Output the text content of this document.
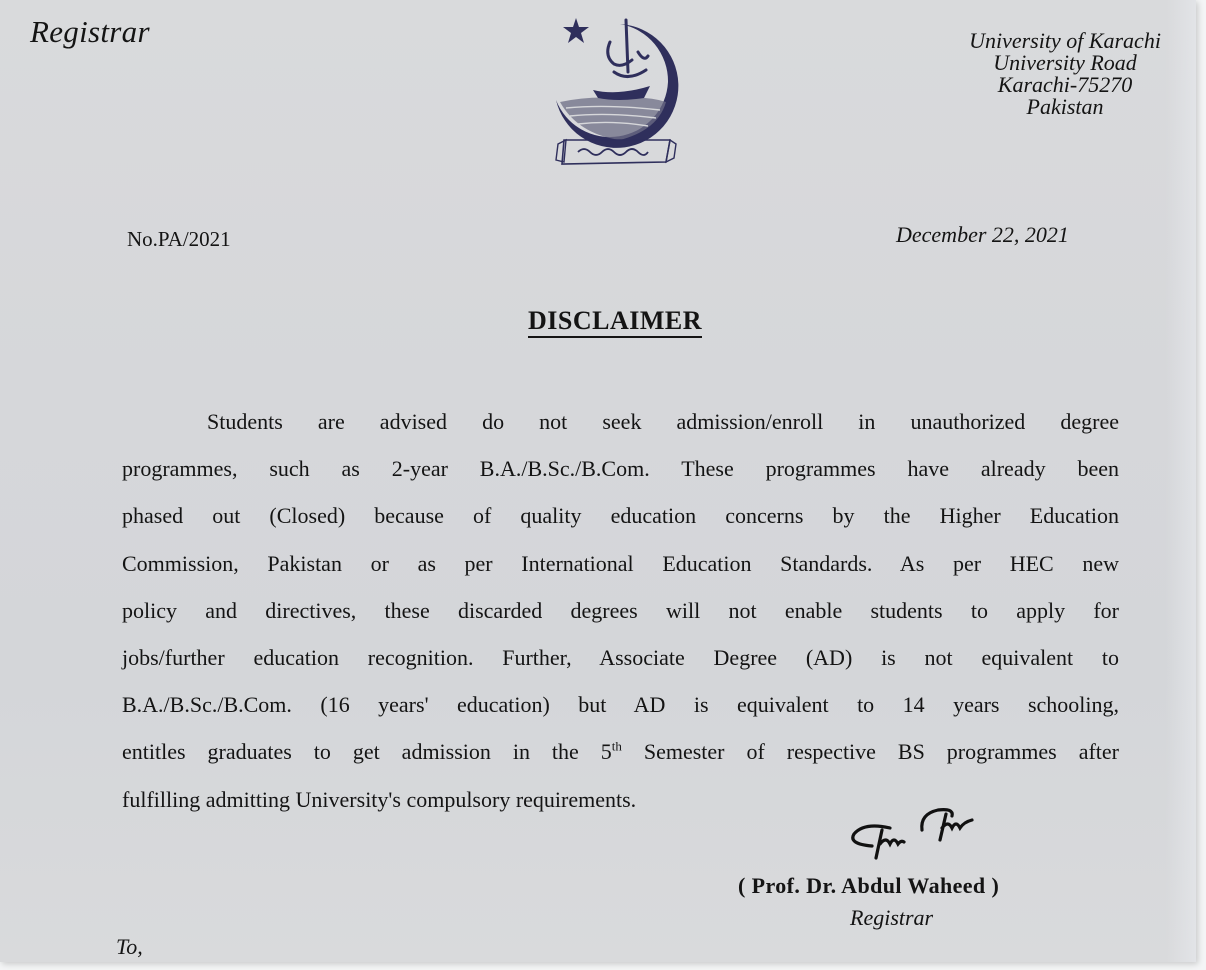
Registrar	University of Karachi
University Road
Karachi-75270
Pakistan
No.PA/2021	December 22, 2021
DISCLAIMER
Students are advised do not seek admission/enroll in unauthorized degree
programmes, such as 2-year B.A./B.Sc./B.Com. These programmes have already been
phased out (Closed) because of quality education concerns by the Higher Education
Commission, Pakistan or as per International Education Standards. As per HEC new
policy and directives, these discarded degrees will not enable students to apply for
jobs/further education recognition. Further, Associate Degree (AD) is not equivalent to
B.A./B.Sc./B.Com. (16 years' education) but AD is equivalent to 14 years schooling,
entitles graduates to get admission in the 5th Semester of respective BS programmes after
fulfilling admitting University's compulsory requirements.
( Prof. Dr. Abdul Waheed )
Registrar
To,
